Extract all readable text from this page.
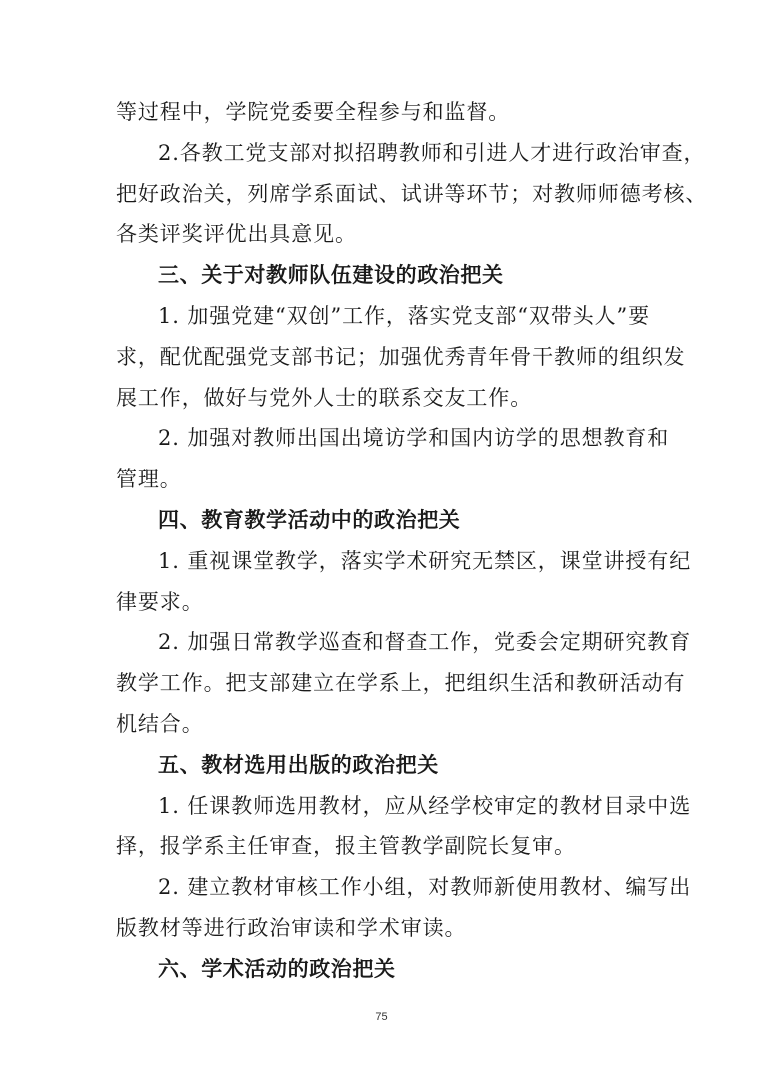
等过程中，学院党委要全程参与和监督。
2.各教工党支部对拟招聘教师和引进人才进行政治审查，
把好政治关，列席学系面试、试讲等环节；对教师师德考核、
各类评奖评优出具意见。
三、关于对教师队伍建设的政治把关
1. 加强党建“双创”工作，落实党支部“双带头人”要
求，配优配强党支部书记；加强优秀青年骨干教师的组织发
展工作，做好与党外人士的联系交友工作。
2. 加强对教师出国出境访学和国内访学的思想教育和
管理。
四、教育教学活动中的政治把关
1. 重视课堂教学，落实学术研究无禁区，课堂讲授有纪
律要求。
2. 加强日常教学巡查和督查工作，党委会定期研究教育
教学工作。把支部建立在学系上，把组织生活和教研活动有
机结合。
五、教材选用出版的政治把关
1. 任课教师选用教材，应从经学校审定的教材目录中选
择，报学系主任审查，报主管教学副院长复审。
2. 建立教材审核工作小组，对教师新使用教材、编写出
版教材等进行政治审读和学术审读。
六、学术活动的政治把关
75
